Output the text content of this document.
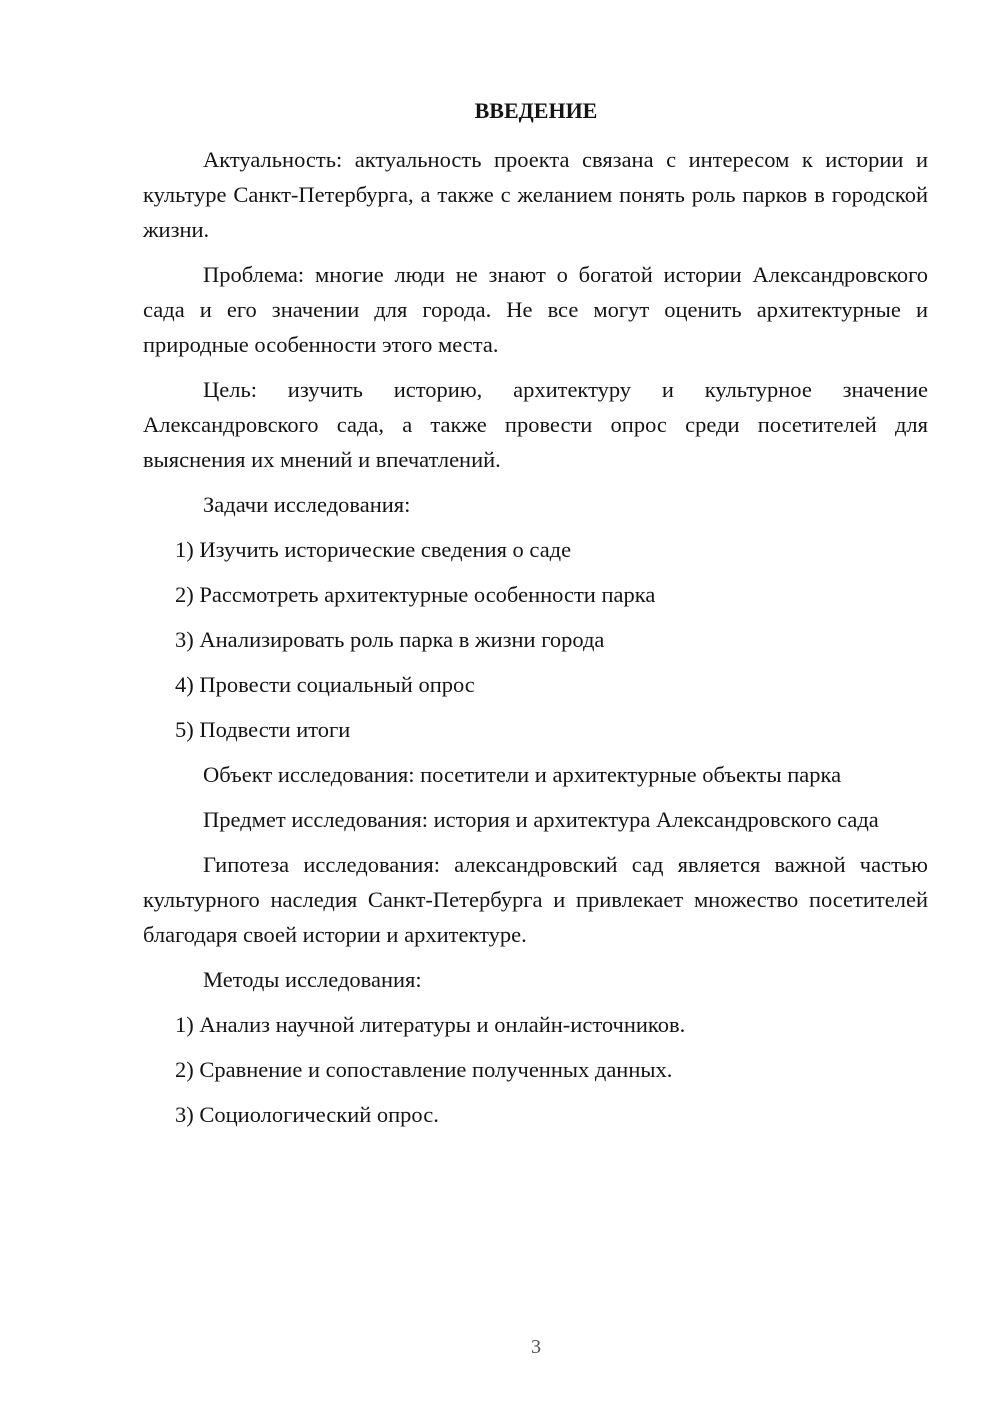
ВВЕДЕНИЕ

Актуальность: актуальность проекта связана с интересом к истории и культуре Санкт-Петербурга, а также с желанием понять роль парков в городской жизни.

Проблема: многие люди не знают о богатой истории Александровского сада и его значении для города. Не все могут оценить архитектурные и природные особенности этого места.

Цель: изучить историю, архитектуру и культурное значение Александровского сада, а также провести опрос среди посетителей для выяснения их мнений и впечатлений.

Задачи исследования:

1) Изучить исторические сведения о саде
2) Рассмотреть архитектурные особенности парка
3) Анализировать роль парка в жизни города
4) Провести социальный опрос
5) Подвести итоги

Объект исследования: посетители и архитектурные объекты парка

Предмет исследования: история и архитектура Александровского сада

Гипотеза исследования: александровский сад является важной частью культурного наследия Санкт-Петербурга и привлекает множество посетителей благодаря своей истории и архитектуре.

Методы исследования:

1) Анализ научной литературы и онлайн-источников.
2) Сравнение и сопоставление полученных данных.
3) Социологический опрос.
3
